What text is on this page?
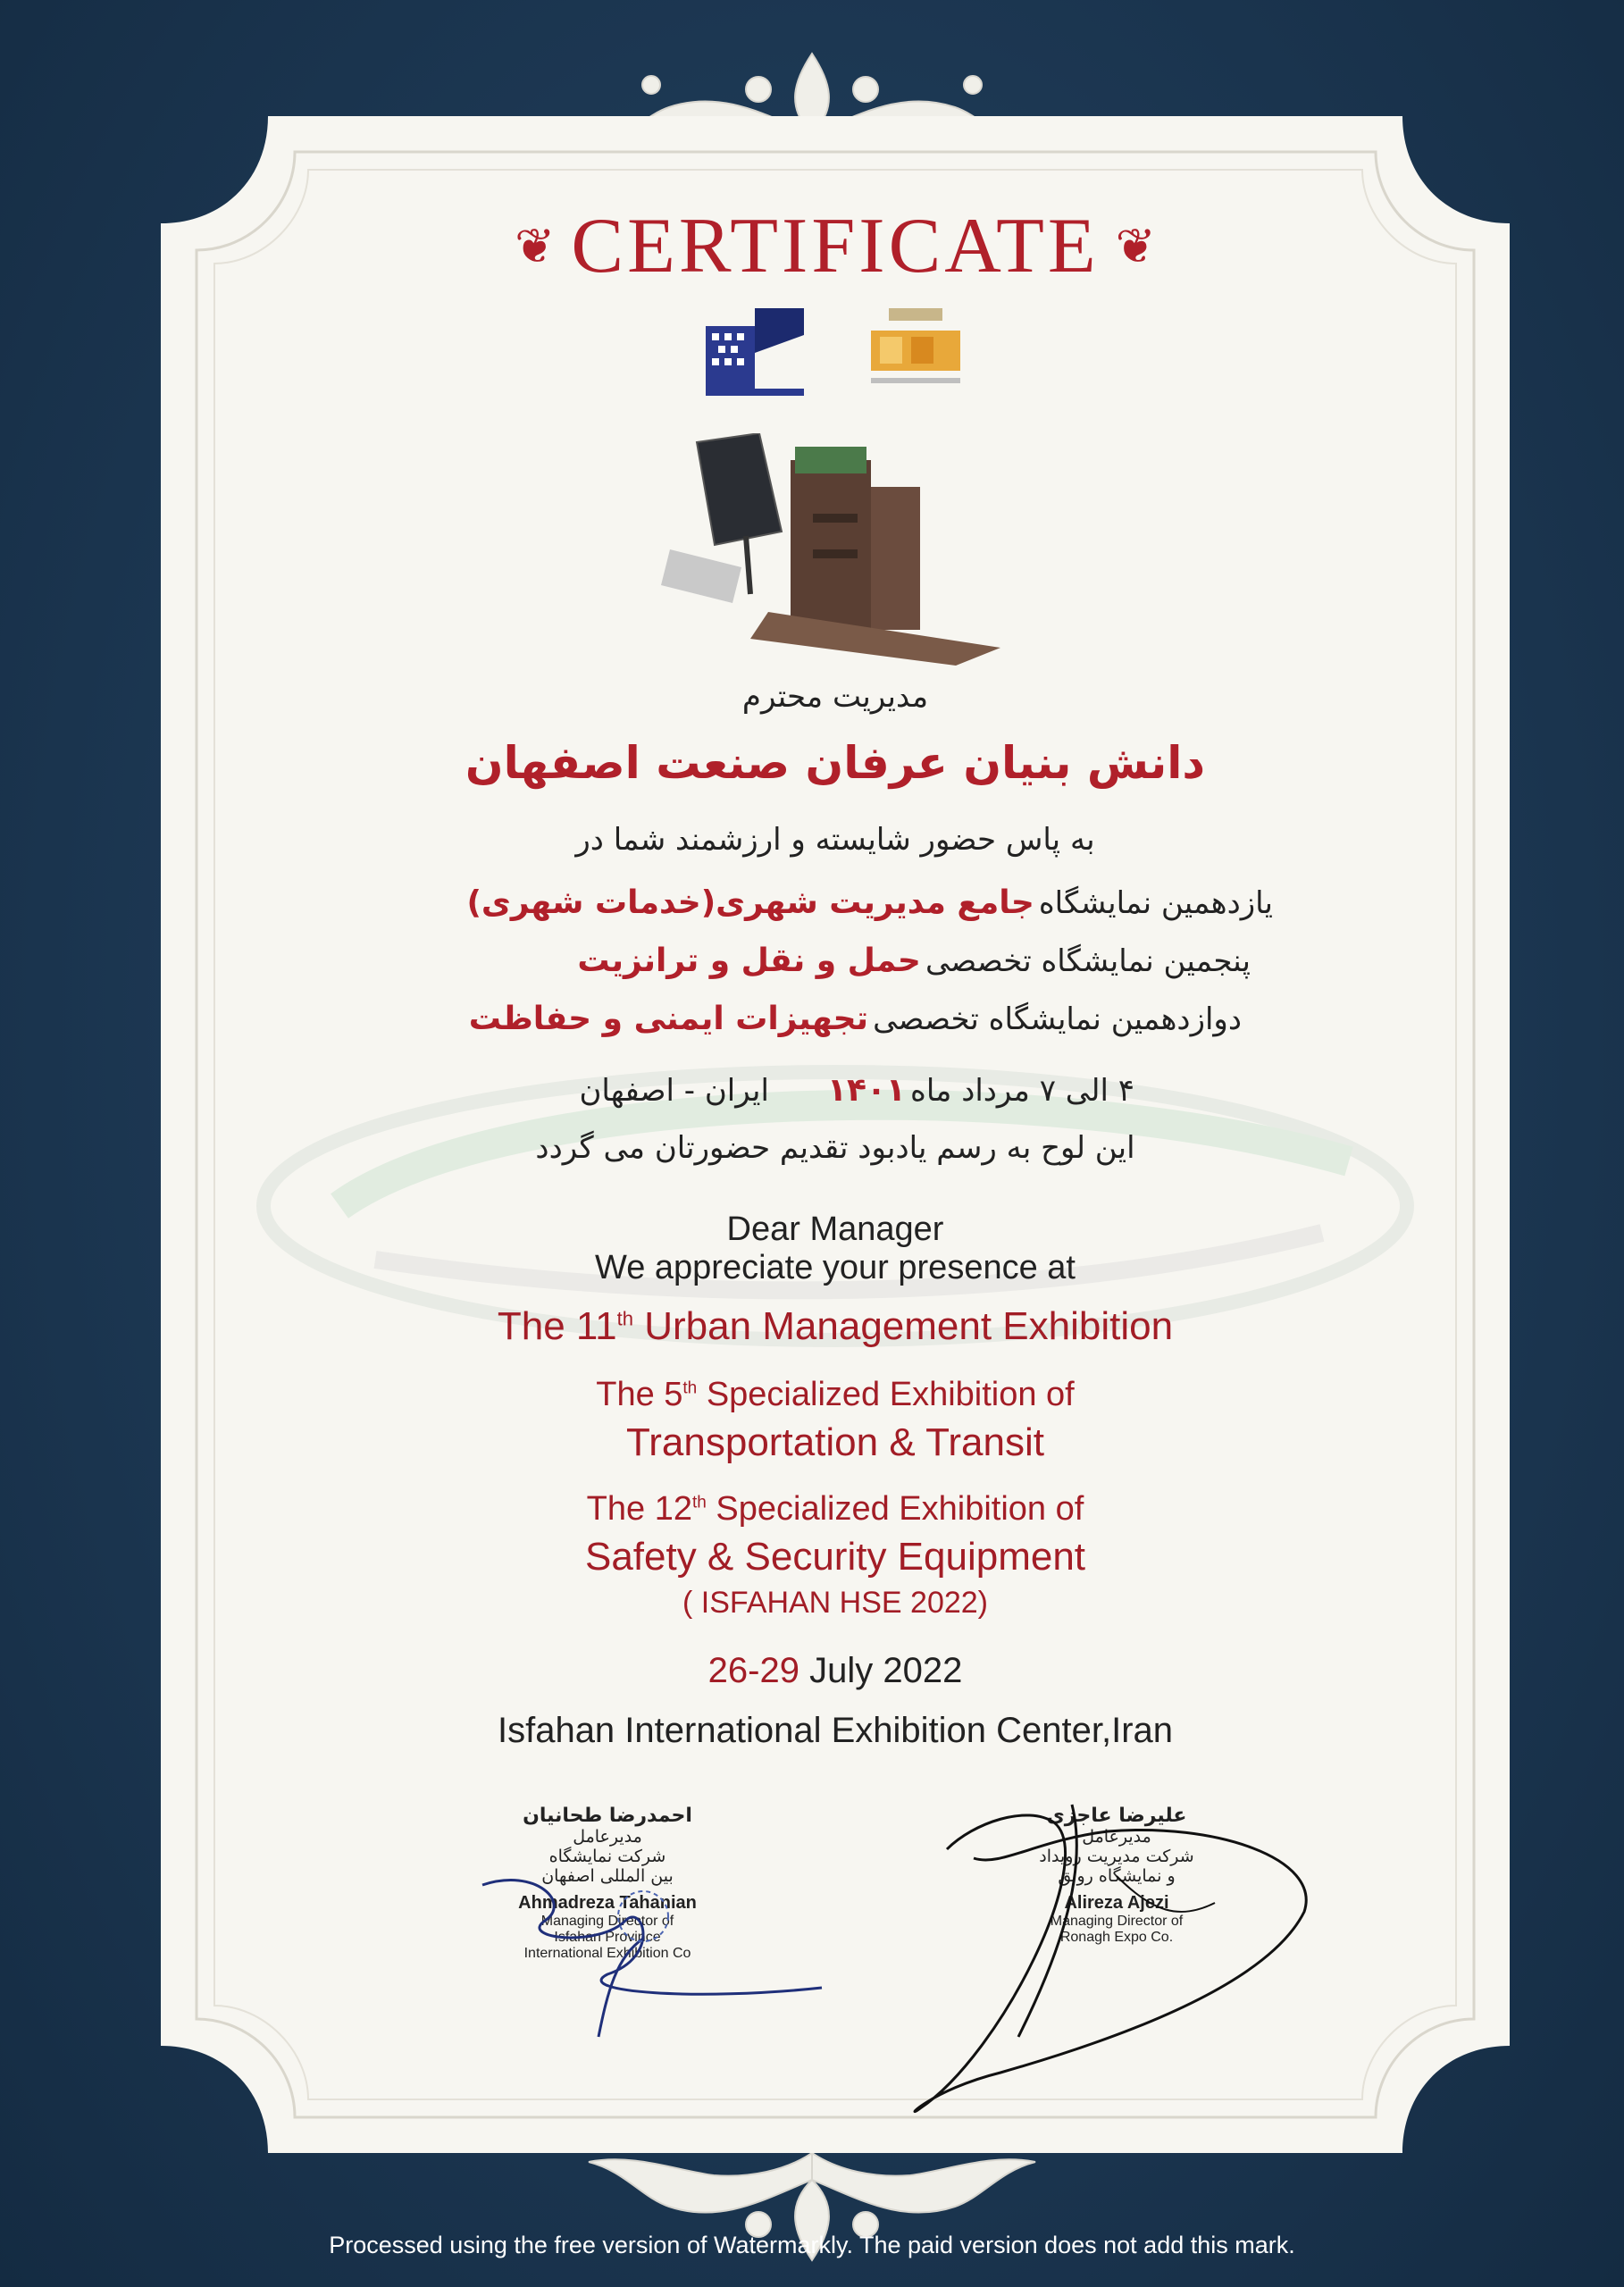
❦ CERTIFICATE ❦
مدیریت محترم
دانش بنیان عرفان صنعت اصفهان
به پاس حضور شایسته و ارزشمند شما در
یازدهمین نمایشگاه جامع مدیریت شهری(خدمات شهری)
پنجمین نمایشگاه تخصصی حمل و نقل و ترانزیت
دوازدهمین نمایشگاه تخصصی تجهیزات ایمنی و حفاظت
۴ الی ۷ مرداد ماه ۱۴۰۱ ایران - اصفهان
این لوح به رسم یادبود تقدیم حضورتان می گردد
Dear Manager
We appreciate your presence at
The 11th Urban Management Exhibition
The 5th Specialized Exhibition of
Transportation & Transit
The 12th Specialized Exhibition of
Safety & Security Equipment
( ISFAHAN HSE 2022)
26-29 July 2022
Isfahan International Exhibition Center,Iran
احمدرضا طحانیان
مدیرعامل
شرکت نمایشگاه
بین المللی اصفهان
Ahmadreza Tahanian
Managing Director of
Isfahan Province
International Exhibition Co
علیرضا عاجزی
مدیرعامل
شرکت مدیریت رویداد
و نمایشگاه رونق
Alireza Ajezi
Managing Director of
Ronagh Expo Co.
Processed using the free version of Watermarkly. The paid version does not add this mark.
